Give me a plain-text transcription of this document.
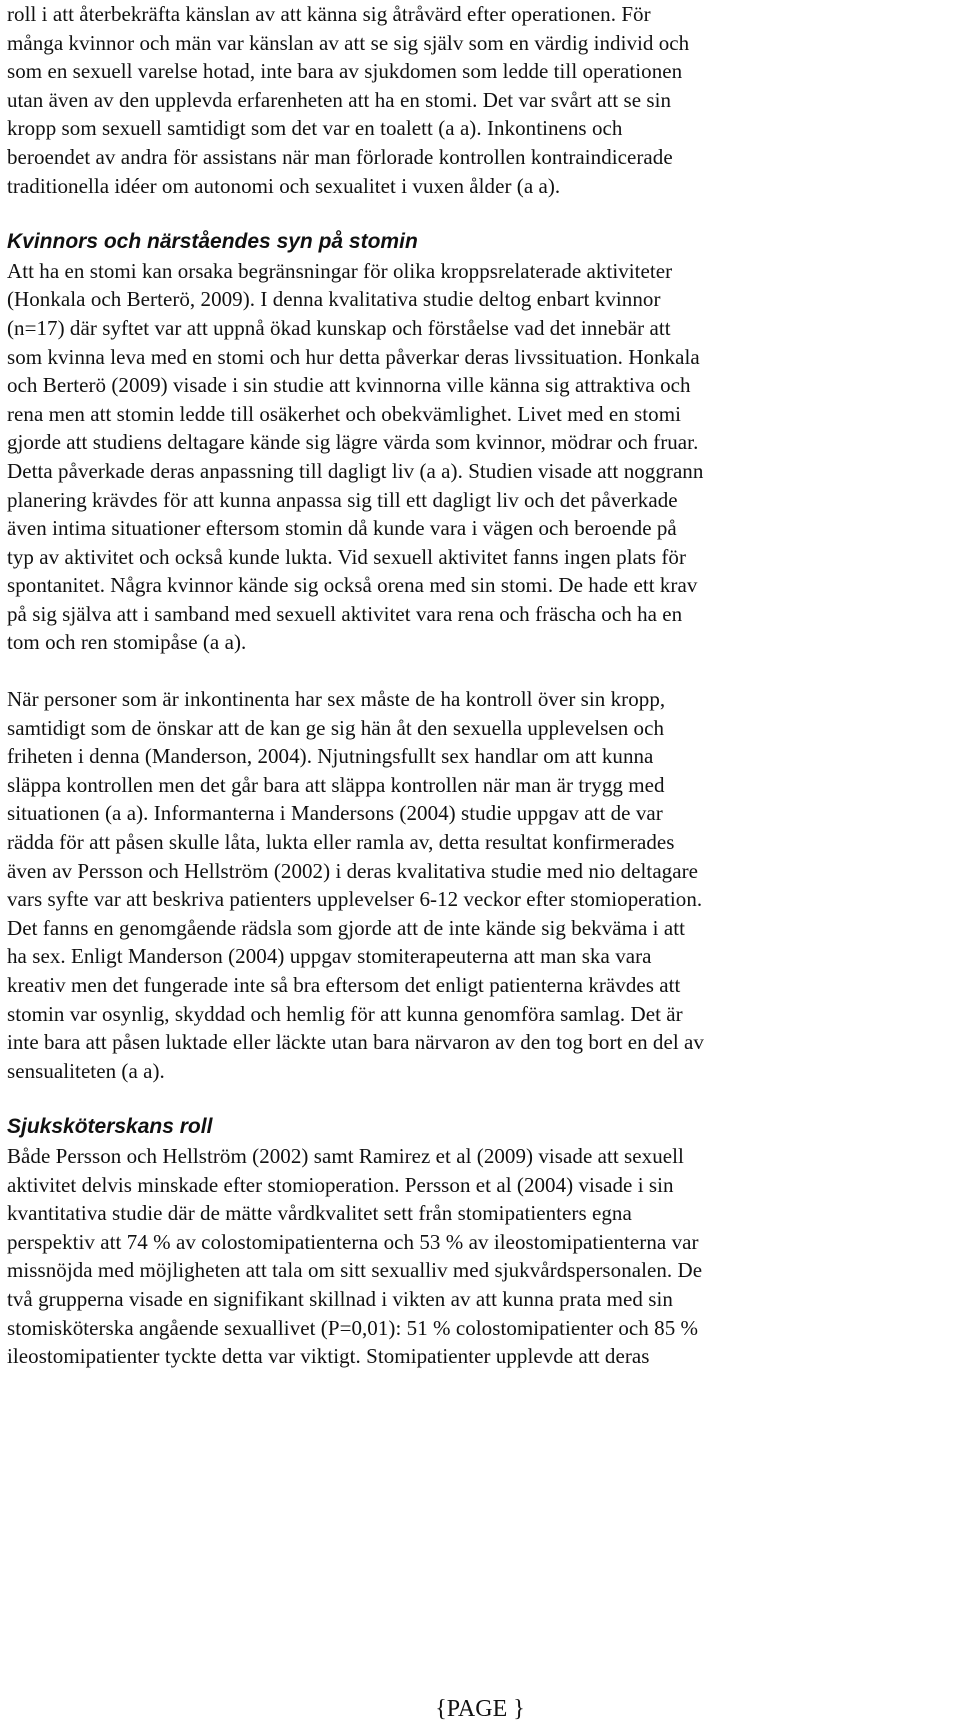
roll i att återbekräfta känslan av att känna sig åtråvärd efter operationen. För
många kvinnor och män var känslan av att se sig själv som en värdig individ och
som en sexuell varelse hotad, inte bara av sjukdomen som ledde till operationen
utan även av den upplevda erfarenheten att ha en stomi. Det var svårt att se sin
kropp som sexuell samtidigt som det var en toalett (a a). Inkontinens och
beroendet av andra för assistans när man förlorade kontrollen kontraindicerade
traditionella idéer om autonomi och sexualitet i vuxen ålder (a a).

Kvinnors och närståendes syn på stomin

Att ha en stomi kan orsaka begränsningar för olika kroppsrelaterade aktiviteter
(Honkala och Berterö, 2009). I denna kvalitativa studie deltog enbart kvinnor
(n=17) där syftet var att uppnå ökad kunskap och förståelse vad det innebär att
som kvinna leva med en stomi och hur detta påverkar deras livssituation. Honkala
och Berterö (2009) visade i sin studie att kvinnorna ville känna sig attraktiva och
rena men att stomin ledde till osäkerhet och obekvämlighet. Livet med en stomi
gjorde att studiens deltagare kände sig lägre värda som kvinnor, mödrar och fruar.
Detta påverkade deras anpassning till dagligt liv (a a). Studien visade att noggrann
planering krävdes för att kunna anpassa sig till ett dagligt liv och det påverkade
även intima situationer eftersom stomin då kunde vara i vägen och beroende på
typ av aktivitet och också kunde lukta. Vid sexuell aktivitet fanns ingen plats för
spontanitet. Några kvinnor kände sig också orena med sin stomi. De hade ett krav
på sig själva att i samband med sexuell aktivitet vara rena och fräscha och ha en
tom och ren stomipåse (a a).

När personer som är inkontinenta har sex måste de ha kontroll över sin kropp,
samtidigt som de önskar att de kan ge sig hän åt den sexuella upplevelsen och
friheten i denna (Manderson, 2004). Njutningsfullt sex handlar om att kunna
släppa kontrollen men det går bara att släppa kontrollen när man är trygg med
situationen (a a). Informanterna i Mandersons (2004) studie uppgav att de var
rädda för att påsen skulle låta, lukta eller ramla av, detta resultat konfirmerades
även av Persson och Hellström (2002) i deras kvalitativa studie med nio deltagare
vars syfte var att beskriva patienters upplevelser 6-12 veckor efter stomioperation.
Det fanns en genomgående rädsla som gjorde att de inte kände sig bekväma i att
ha sex. Enligt Manderson (2004) uppgav stomiterapeuterna att man ska vara
kreativ men det fungerade inte så bra eftersom det enligt patienterna krävdes att
stomin var osynlig, skyddad och hemlig för att kunna genomföra samlag. Det är
inte bara att påsen luktade eller läckte utan bara närvaron av den tog bort en del av
sensualiteten (a a).

Sjuksköterskans roll

Både Persson och Hellström (2002) samt Ramirez et al (2009) visade att sexuell
aktivitet delvis minskade efter stomioperation. Persson et al (2004) visade i sin
kvantitativa studie där de mätte vårdkvalitet sett från stomipatienters egna
perspektiv att 74 % av colostomipatienterna och 53 % av ileostomipatienterna var
missnöjda med möjligheten att tala om sitt sexualliv med sjukvårdspersonalen. De
två grupperna visade en signifikant skillnad i vikten av att kunna prata med sin
stomisköterska angående sexuallivet (P=0,01): 51 % colostomipatienter och 85 %
ileostomipatienter tyckte detta var viktigt. Stomipatienter upplevde att deras

{PAGE }
